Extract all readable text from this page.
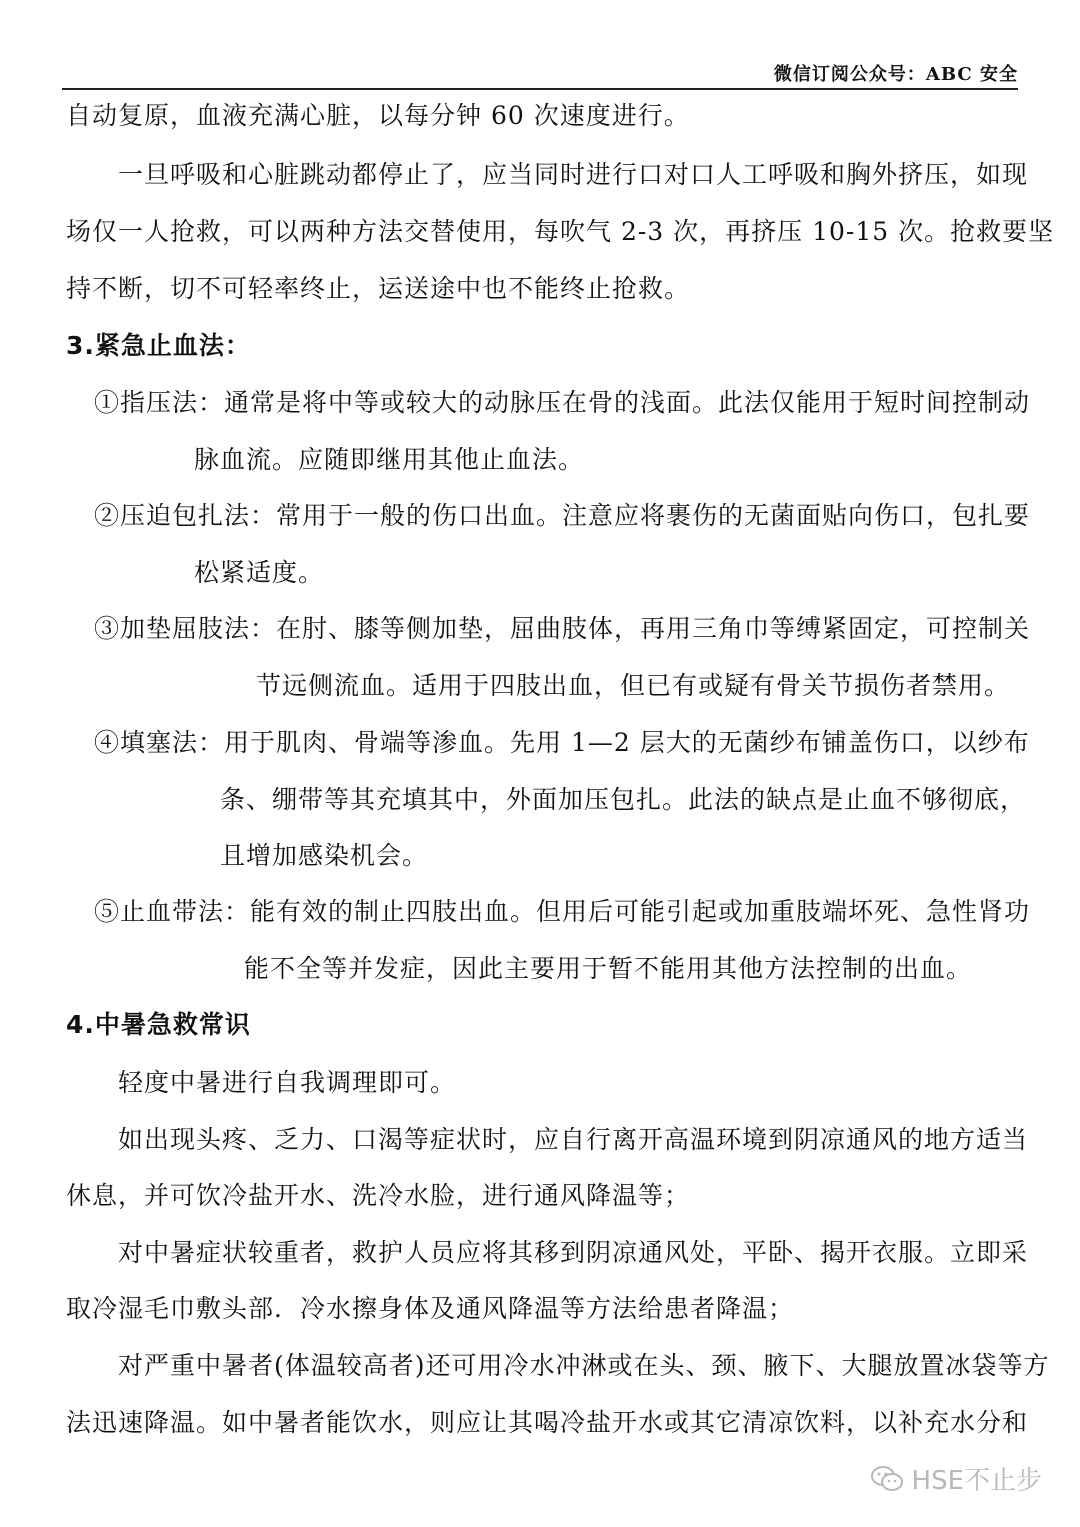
微信订阅公众号：ABC 安全
自动复原，血液充满心脏，以每分钟 60 次速度进行。
一旦呼吸和心脏跳动都停止了，应当同时进行口对口人工呼吸和胸外挤压，如现
场仅一人抢救，可以两种方法交替使用，每吹气 2-3 次，再挤压 10-15 次。抢救要坚
持不断，切不可轻率终止，运送途中也不能终止抢救。
3.紧急止血法：
①指压法：通常是将中等或较大的动脉压在骨的浅面。此法仅能用于短时间控制动
脉血流。应随即继用其他止血法。
②压迫包扎法：常用于一般的伤口出血。注意应将裹伤的无菌面贴向伤口，包扎要
松紧适度。
③加垫屈肢法：在肘、膝等侧加垫，屈曲肢体，再用三角巾等缚紧固定，可控制关
节远侧流血。适用于四肢出血，但已有或疑有骨关节损伤者禁用。
④填塞法：用于肌肉、骨端等渗血。先用 1—2 层大的无菌纱布铺盖伤口，以纱布
条、绷带等其充填其中，外面加压包扎。此法的缺点是止血不够彻底，
且增加感染机会。
⑤止血带法：能有效的制止四肢出血。但用后可能引起或加重肢端坏死、急性肾功
能不全等并发症，因此主要用于暂不能用其他方法控制的出血。
4.中暑急救常识
轻度中暑进行自我调理即可。
如出现头疼、乏力、口渴等症状时，应自行离开高温环境到阴凉通风的地方适当
休息，并可饮冷盐开水、洗冷水脸，进行通风降温等；
对中暑症状较重者，救护人员应将其移到阴凉通风处，平卧、揭开衣服。立即采
取冷湿毛巾敷头部．冷水擦身体及通风降温等方法给患者降温；
对严重中暑者(体温较高者)还可用冷水冲淋或在头、颈、腋下、大腿放置冰袋等方
法迅速降温。如中暑者能饮水，则应让其喝冷盐开水或其它清凉饮料，以补充水分和
HSE不止步
